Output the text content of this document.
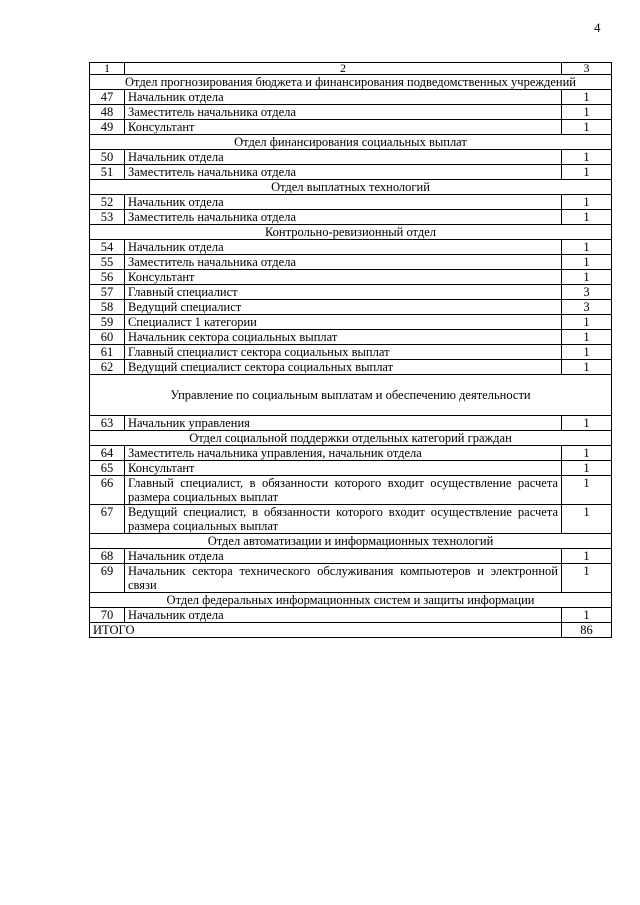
4
1	2	3
Отдел прогнозирования бюджета и финансирования подведомственных учреждений		
47	Начальник отдела	1
48	Заместитель начальника отдела	1
49	Консультант	1
Отдел финансирования социальных выплат		
50	Начальник отдела	1
51	Заместитель начальника отдела	1
Отдел выплатных технологий		
52	Начальник отдела	1
53	Заместитель начальника отдела	1
Контрольно-ревизионный отдел		
54	Начальник отдела	1
55	Заместитель начальника отдела	1
56	Консультант	1
57	Главный специалист	3
58	Ведущий специалист	3
59	Специалист 1 категории	1
60	Начальник сектора социальных выплат	1
61	Главный специалист сектора социальных выплат	1
62	Ведущий специалист сектора социальных выплат	1
Управление по социальным выплатам и обеспечению деятельности		
63	Начальник управления	1
Отдел социальной поддержки отдельных категорий граждан		
64	Заместитель начальника управления, начальник отдела	1
65	Консультант	1
66	Главный специалист, в обязанности которого входит осуществление расчета размера социальных выплат	1
67	Ведущий специалист, в обязанности которого входит осуществление расчета размера социальных выплат	1
Отдел автоматизации и информационных технологий		
68	Начальник отдела	1
69	Начальник сектора технического обслуживания компьютеров и электронной связи	1
Отдел федеральных информационных систем и защиты информации		
70	Начальник отдела	1
ИТОГО		86
